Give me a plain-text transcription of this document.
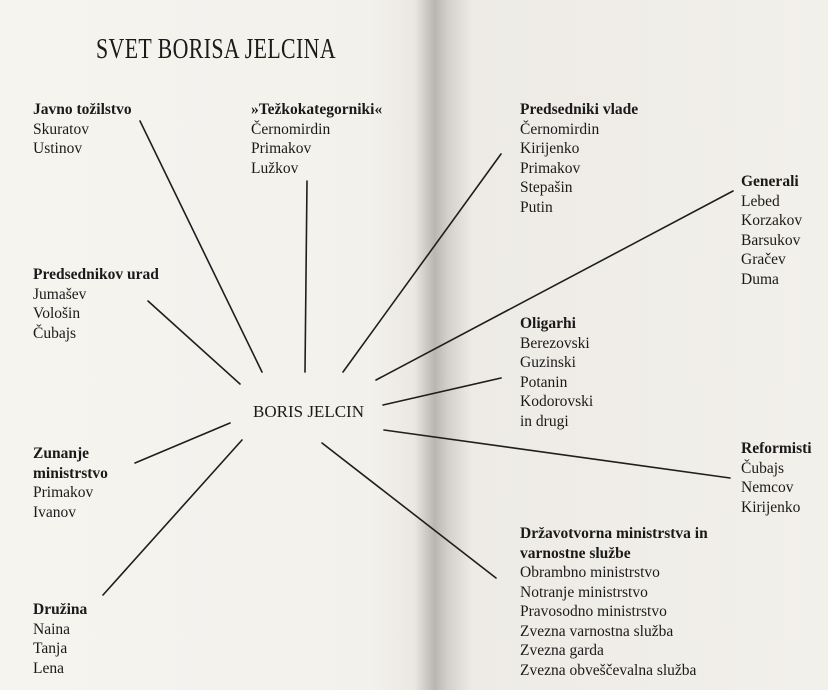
SVET BORISA JELCINA
BORIS JELCIN
Javno tožilstvo
Skuratov
Ustinov
»Težkokategorniki«
Černomirdin
Primakov
Lužkov
Predsednikov urad
Jumašev
Vološin
Čubajs
Zunanje ministrstvo
Primakov
Ivanov
Družina
Naina
Tanja
Lena
Predsedniki vlade
Černomirdin
Kirijenko
Primakov
Stepašin
Putin
Generali
Lebed
Korzakov
Barsukov
Gračev
Duma
Oligarhi
Berezovski
Guzinski
Potanin
Kodorovski
in drugi
Reformisti
Čubajs
Nemcov
Kirijenko
Državotvorna ministrstva in varnostne službe
Obrambno ministrstvo
Notranje ministrstvo
Pravosodno ministrstvo
Zvezna varnostna služba
Zvezna garda
Zvezna obveščevalna služba
